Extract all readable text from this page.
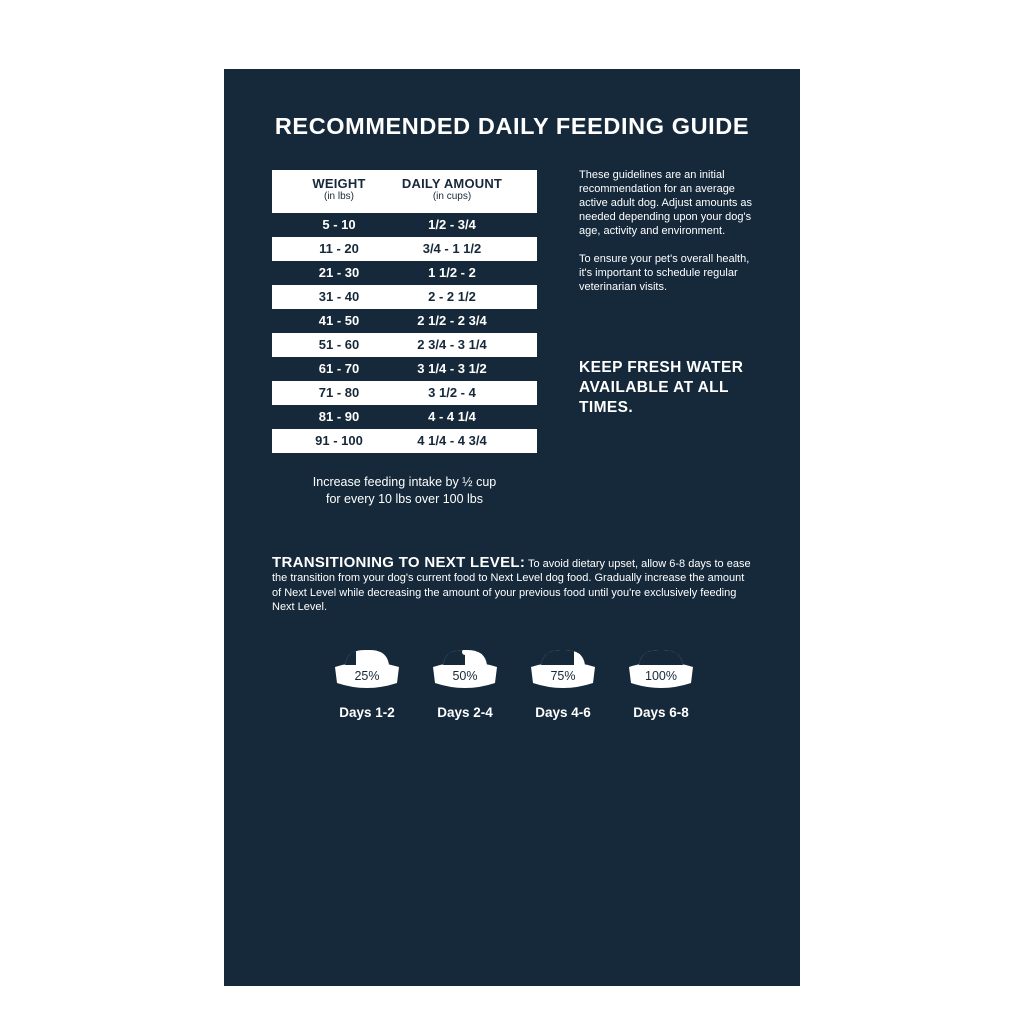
RECOMMENDED DAILY FEEDING GUIDE
WEIGHT
(in lbs)
DAILY AMOUNT
(in cups)
5 - 10	1/2 - 3/4
11 - 20	3/4 - 1 1/2
21 - 30	1 1/2 - 2
31 - 40	2 - 2 1/2
41 - 50	2 1/2 - 2 3/4
51 - 60	2 3/4 - 3 1/4
61 - 70	3 1/4 - 3 1/2
71 - 80	3 1/2 - 4
81 - 90	4 - 4 1/4
91 - 100	4 1/4 - 4 3/4
Increase feeding intake by ½ cup
for every 10 lbs over 100 lbs

These guidelines are an initial recommendation for an average active adult dog. Adjust amounts as needed depending upon your dog's age, activity and environment.

To ensure your pet's overall health, it's important to schedule regular veterinarian visits.

KEEP FRESH WATER AVAILABLE AT ALL TIMES.
TRANSITIONING TO NEXT LEVEL: To avoid dietary upset, allow 6-8 days to ease the transition from your dog's current food to Next Level dog food. Gradually increase the amount of Next Level while decreasing the amount of your previous food until you're exclusively feeding Next Level.
25%
Days 1-2
50%
Days 2-4
75%
Days 4-6
100%
Days 6-8
